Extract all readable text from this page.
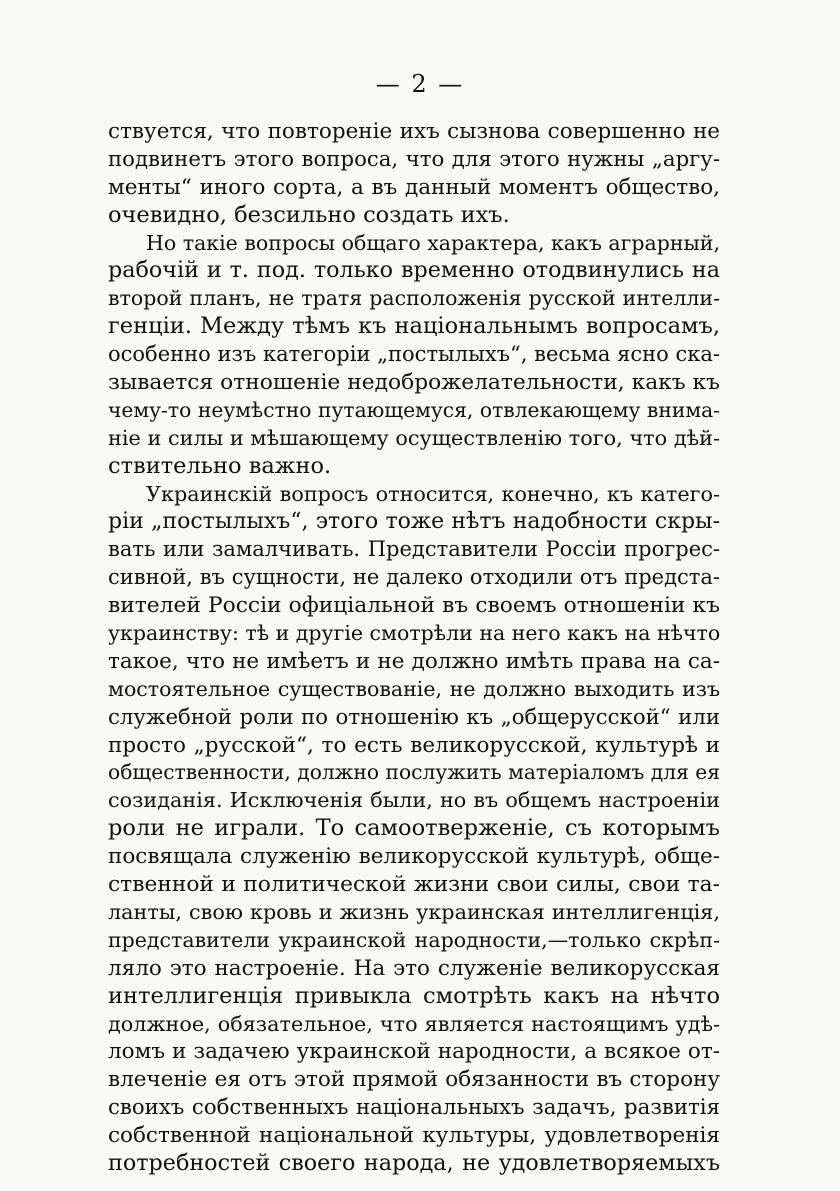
— 2 —
ствуется, что повтореніе ихъ сызнова совершенно не
подвинетъ этого вопроса, что для этого нужны „аргу-
менты“ иного сорта, а въ данный моментъ общество,
очевидно, безсильно создать ихъ.
Но такіе вопросы общаго характера, какъ аграрный,
рабочій и т. под. только временно отодвинулись на
второй планъ, не тратя расположенія русской интелли-
генціи. Между тѣмъ къ національнымъ вопросамъ,
особенно изъ категоріи „постылыхъ“, весьма ясно ска-
зывается отношеніе недоброжелательности, какъ къ
чему-то неумѣстно путающемуся, отвлекающему внима-
ніе и силы и мѣшающему осуществленію того, что дѣй-
ствительно важно.
Украинскій вопросъ относится, конечно, къ катего-
ріи „постылыхъ“, этого тоже нѣтъ надобности скры-
вать или замалчивать. Представители Россіи прогрес-
сивной, въ сущности, не далеко отходили отъ предста-
вителей Россіи офиціальной въ своемъ отношеніи къ
украинству: тѣ и другіе смотрѣли на него какъ на нѣчто
такое, что не имѣетъ и не должно имѣть права на са-
мостоятельное существованіе, не должно выходить изъ
служебной роли по отношенію къ „общерусской“ или
просто „русской“, то есть великорусской, культурѣ и
общественности, должно послужить матеріаломъ для ея
созиданія. Исключенія были, но въ общемъ настроеніи
роли не играли. То самоотверженіе, съ которымъ
посвящала служенію великорусской культурѣ, обще-
ственной и политической жизни свои силы, свои та-
ланты, свою кровь и жизнь украинская интеллигенція,
представители украинской народности,—только скрѣп-
ляло это настроеніе. На это служеніе великорусская
интеллигенція привыкла смотрѣть какъ на нѣчто
должное, обязательное, что является настоящимъ удѣ-
ломъ и задачею украинской народности, а всякое от-
влеченіе ея отъ этой прямой обязанности въ сторону
своихъ собственныхъ національныхъ задачъ, развитія
собственной національной культуры, удовлетворенія
потребностей своего народа, не удовлетворяемыхъ
